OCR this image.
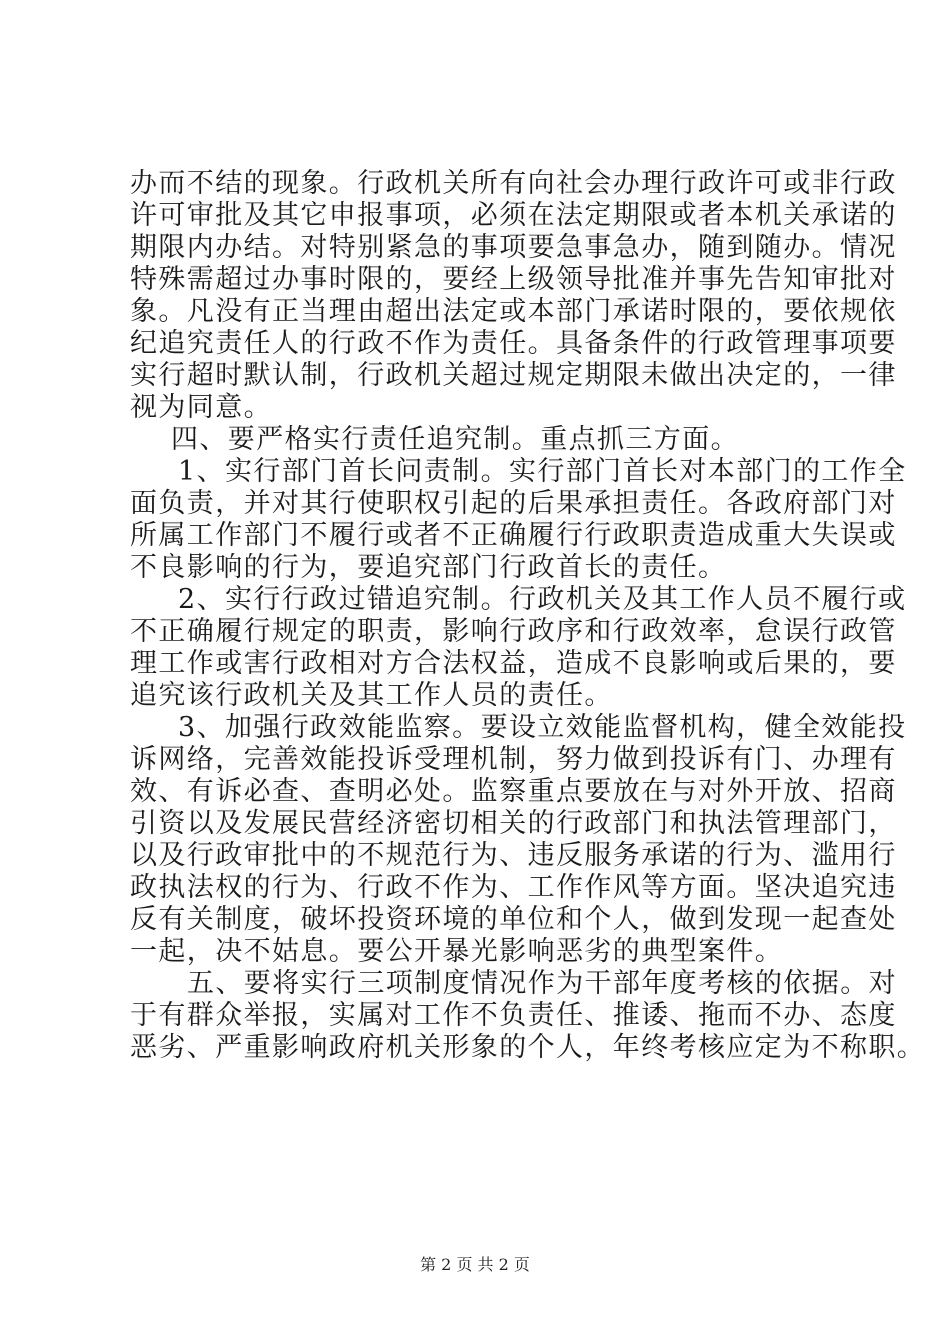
办而不结的现象。行政机关所有向社会办理行政许可或非行政
许可审批及其它申报事项，必须在法定期限或者本机关承诺的
期限内办结。对特别紧急的事项要急事急办，随到随办。情况
特殊需超过办事时限的，要经上级领导批准并事先告知审批对
象。凡没有正当理由超出法定或本部门承诺时限的，要依规依
纪追究责任人的行政不作为责任。具备条件的行政管理事项要
实行超时默认制，行政机关超过规定期限未做出决定的，一律
视为同意。
四、要严格实行责任追究制。重点抓三方面。
1、实行部门首长问责制。实行部门首长对本部门的工作全
面负责，并对其行使职权引起的后果承担责任。各政府部门对
所属工作部门不履行或者不正确履行行政职责造成重大失误或
不良影响的行为，要追究部门行政首长的责任。
2、实行行政过错追究制。行政机关及其工作人员不履行或
不正确履行规定的职责，影响行政序和行政效率，怠误行政管
理工作或害行政相对方合法权益，造成不良影响或后果的，要
追究该行政机关及其工作人员的责任。
3、加强行政效能监察。要设立效能监督机构，健全效能投
诉网络，完善效能投诉受理机制，努力做到投诉有门、办理有
效、有诉必查、查明必处。监察重点要放在与对外开放、招商
引资以及发展民营经济密切相关的行政部门和执法管理部门，
以及行政审批中的不规范行为、违反服务承诺的行为、滥用行
政执法权的行为、行政不作为、工作作风等方面。坚决追究违
反有关制度，破坏投资环境的单位和个人，做到发现一起查处
一起，决不姑息。要公开暴光影响恶劣的典型案件。
五、要将实行三项制度情况作为干部年度考核的依据。对
于有群众举报，实属对工作不负责任、推诿、拖而不办、态度
恶劣、严重影响政府机关形象的个人，年终考核应定为不称职。
第 2 页 共 2 页
